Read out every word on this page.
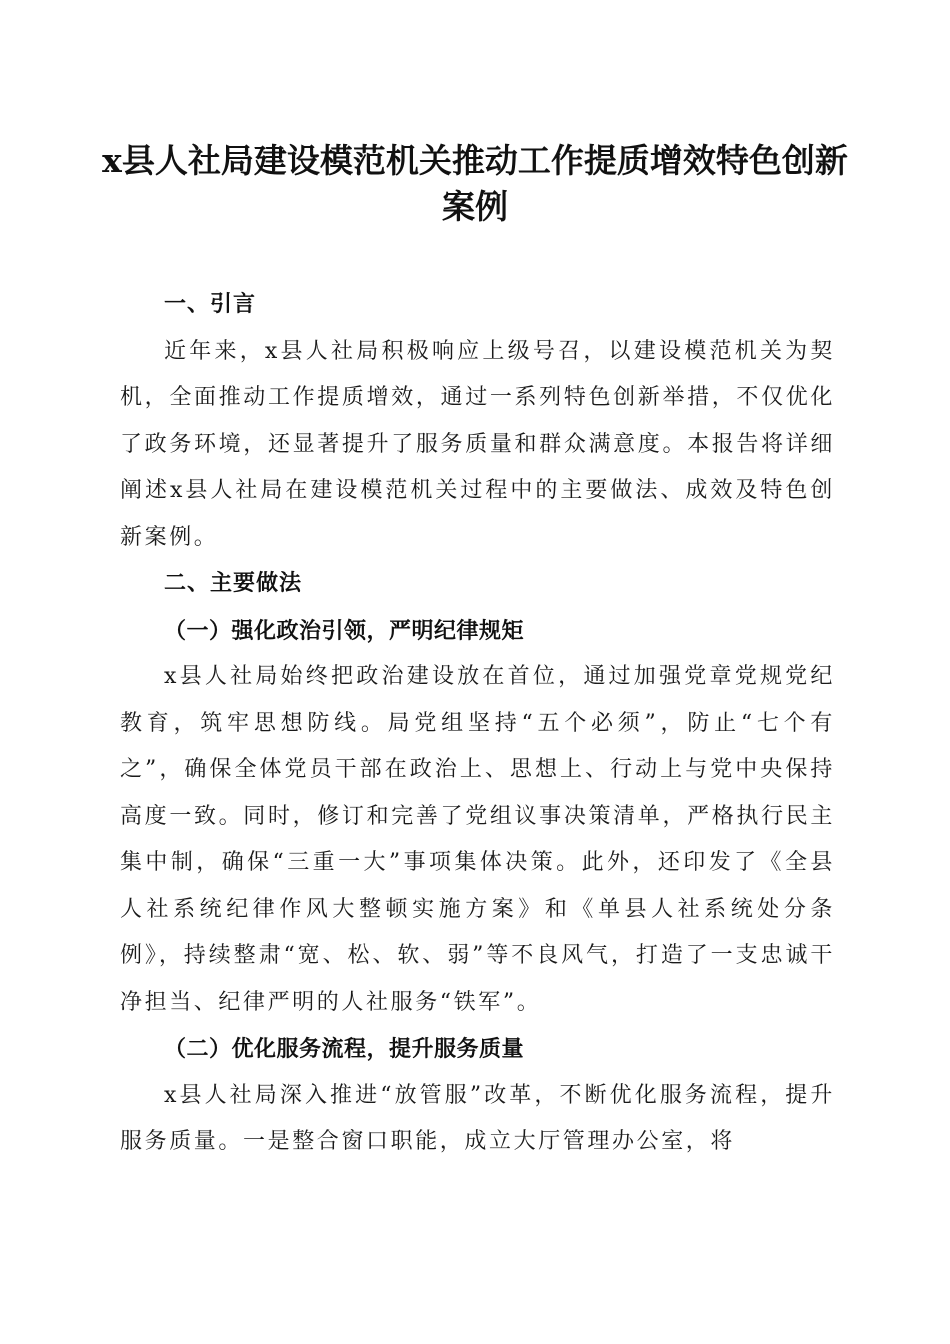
x县人社局建设模范机关推动工作提质增效特色创新案例
一、引言

近年来，x县人社局积极响应上级号召，以建设模范机关为契机，全面推动工作提质增效，通过一系列特色创新举措，不仅优化了政务环境，还显著提升了服务质量和群众满意度。本报告将详细阐述x县人社局在建设模范机关过程中的主要做法、成效及特色创新案例。

二、主要做法
（一）强化政治引领，严明纪律规矩

x县人社局始终把政治建设放在首位，通过加强党章党规党纪教育，筑牢思想防线。局党组坚持“五个必须”，防止“七个有之”，确保全体党员干部在政治上、思想上、行动上与党中央保持高度一致。同时，修订和完善了党组议事决策清单，严格执行民主集中制，确保“三重一大”事项集体决策。此外，还印发了《全县人社系统纪律作风大整顿实施方案》和《单县人社系统处分条例》，持续整肃“宽、松、软、弱”等不良风气，打造了一支忠诚干净担当、纪律严明的人社服务“铁军”。

（二）优化服务流程，提升服务质量

x县人社局深入推进“放管服”改革，不断优化服务流程，提升服务质量。一是整合窗口职能，成立大厅管理办公室，将
